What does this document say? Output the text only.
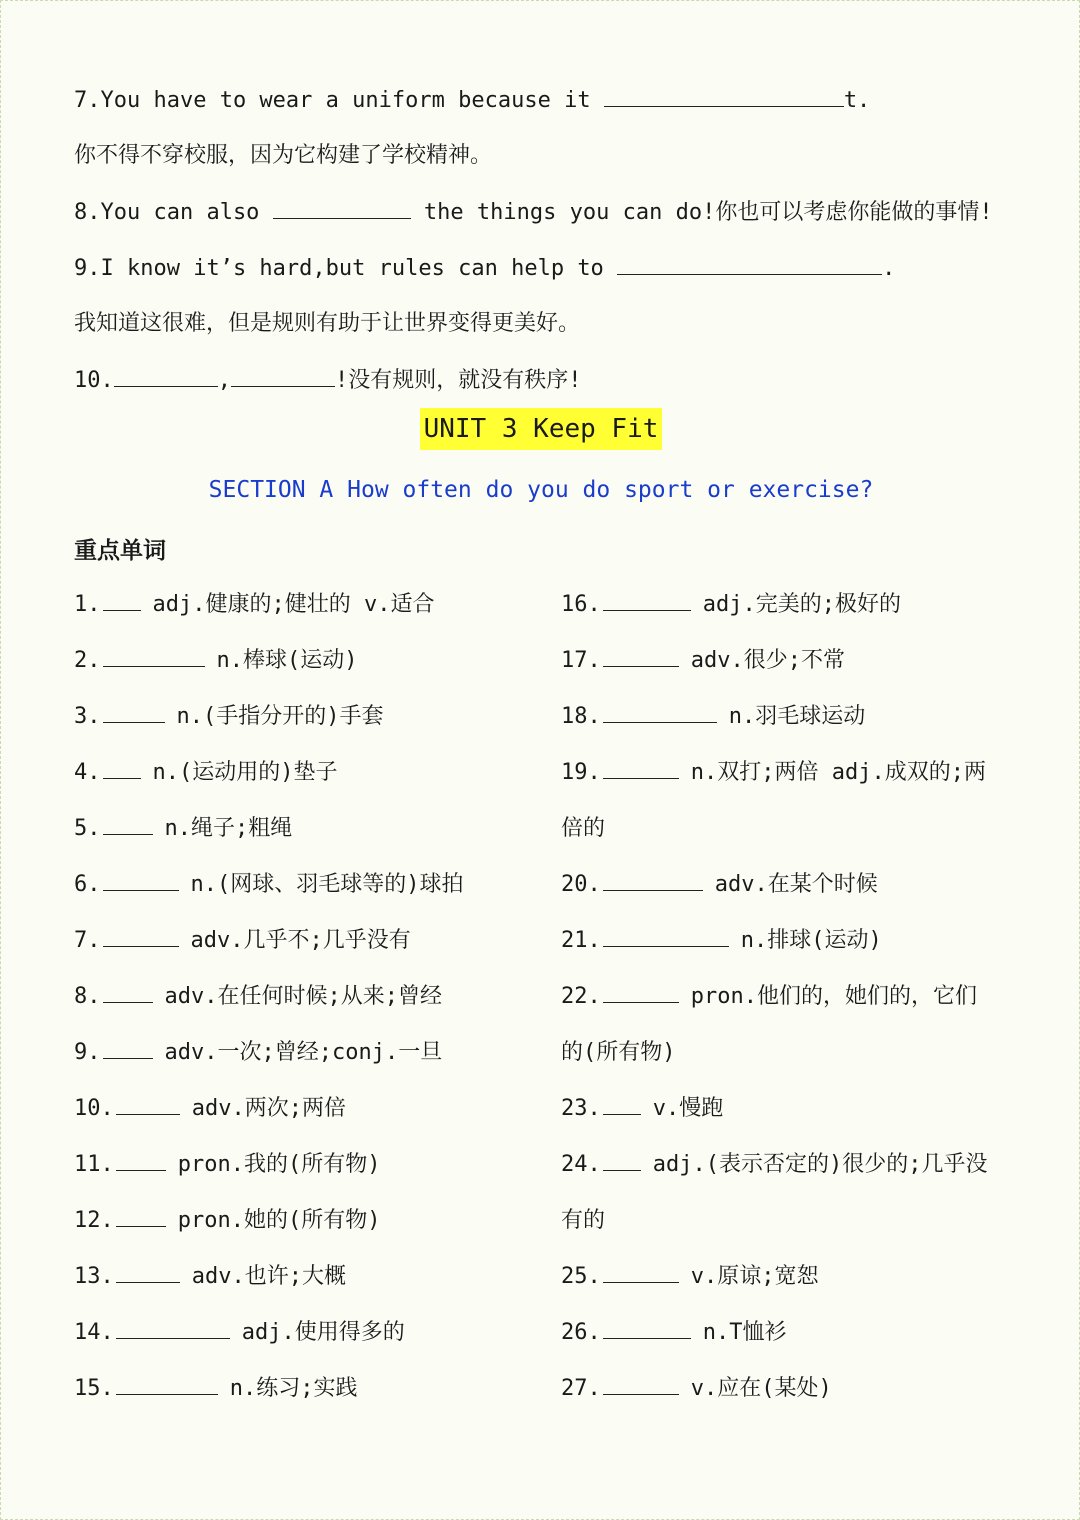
7.You have to wear a uniform because it	t.
你不得不穿校服，因为它构建了学校精神。
8.You can also	the things you can do!你也可以考虑你能做的事情!
9.I know it’s hard,but rules can help to	.
我知道这很难，但是规则有助于让世界变得更美好。
10.	,	!没有规则，就没有秩序!
UNIT 3 Keep Fit
SECTION A How often do you do sport or exercise?
重点单词
1. adj.健康的;健壮的 v.适合
2.	n.棒球(运动)
3.	n.(手指分开的)手套
4. n.(运动用的)垫子
5.	n.绳子;粗绳
6.	n.(网球、羽毛球等的)球拍
7.	adv.几乎不;几乎没有
8.	adv.在任何时候;从来;曾经
9.	adv.一次;曾经;conj.一旦
10.	adv.两次;两倍
11.	pron.我的(所有物)
12.	pron.她的(所有物)
13.	adv.也许;大概
14.	adj.使用得多的
15.	n.练习;实践
16.	adj.完美的;极好的
17.	adv.很少;不常
18.	n.羽毛球运动
19.	n.双打;两倍 adj.成双的;两
倍的
20.	adv.在某个时候
21.	n.排球(运动)
22.	pron.他们的，她们的，它们
的(所有物)
23. v.慢跑
24. adj.(表示否定的)很少的;几乎没
有的
25.	v.原谅;宽恕
26.	n.T恤衫
27.	v.应在(某处)
